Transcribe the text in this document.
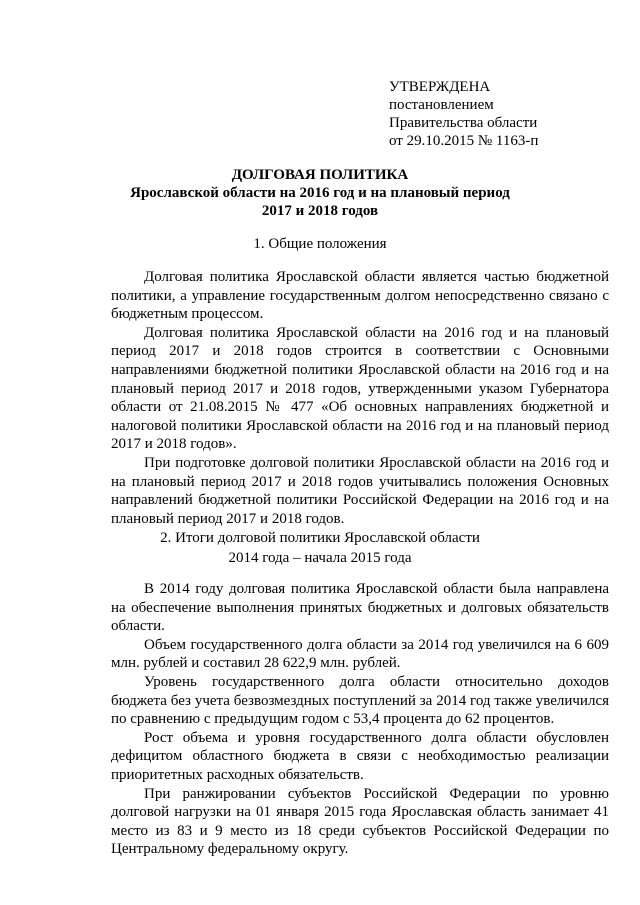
УТВЕРЖДЕНА
постановлением
Правительства области
от 29.10.2015 № 1163-п
ДОЛГОВАЯ ПОЛИТИКА
Ярославской области на 2016 год и на плановый период
2017 и 2018 годов
1. Общие положения

Долговая политика Ярославской области является частью бюджетной политики, а управление государственным долгом непосредственно связано с бюджетным процессом.

Долговая политика Ярославской области на 2016 год и на плановый период 2017 и 2018 годов строится в соответствии с Основными направлениями бюджетной политики Ярославской области на 2016 год и на плановый период 2017 и 2018 годов, утвержденными указом Губернатора области от 21.08.2015 № 477 «Об основных направлениях бюджетной и налоговой политики Ярославской области на 2016 год и на плановый период 2017 и 2018 годов».

При подготовке долговой политики Ярославской области на 2016 год и на плановый период 2017 и 2018 годов учитывались положения Основных направлений бюджетной политики Российской Федерации на 2016 год и на плановый период 2017 и 2018 годов.

2. Итоги долговой политики Ярославской области
2014 года – начала 2015 года

В 2014 году долговая политика Ярославской области была направлена на обеспечение выполнения принятых бюджетных и долговых обязательств области.

Объем государственного долга области за 2014 год увеличился на 6 609 млн. рублей и составил 28 622,9 млн. рублей.

Уровень государственного долга области относительно доходов бюджета без учета безвозмездных поступлений за 2014 год также увеличился по сравнению с предыдущим годом с 53,4 процента до 62 процентов.

Рост объема и уровня государственного долга области обусловлен дефицитом областного бюджета в связи с необходимостью реализации приоритетных расходных обязательств.

При ранжировании субъектов Российской Федерации по уровню долговой нагрузки на 01 января 2015 года Ярославская область занимает 41 место из 83 и 9 место из 18 среди субъектов Российской Федерации по Центральному федеральному округу.
